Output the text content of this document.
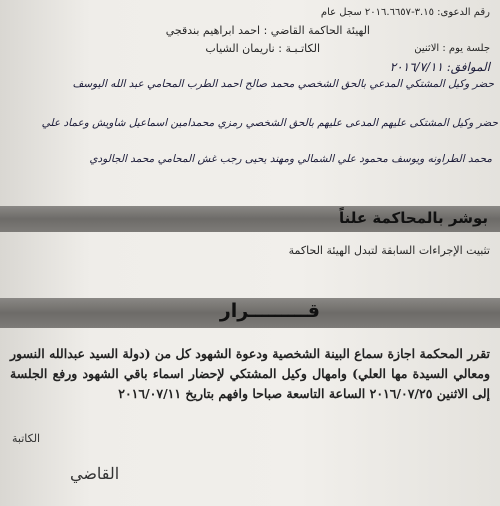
رقم الدعوى: ٣.١٥-٢٠١٦.٦٦٥٧ سجل عام
الهيئة الحاكمة القاضي : احمد ابراهيم بندقجي
جلسة يوم : الاثنين
الكاتـبـة : ناريمان الشياب
الموافق: ٢٠١٦/٧/١١
حضر وكيل المشتكي المدعي بالحق الشخصي محمد صالح احمد الطرب المحامي عبد الله اليوسف
حضر وكيل المشتكى عليهم المدعى عليهم بالحق الشخصي رمزي محمدامين اسماعيل شاويش وعماد علي
محمد الطراونه ويوسف محمود علي الشمالي ومهند يحيى رجب غش المحامي محمد الجالودي
بوشر بالمحاكمة علناً
تثبيت الإجراءات السابقة لتبدل الهيئة الحاكمة
قـــــــــرار
تقرر المحكمة اجازة سماع البينة الشخصية ودعوة الشهود كل من (دولة السيد عبدالله النسور ومعالي السيدة مها العلي) وامهال وكيل المشتكي لإحضار اسماء باقي الشهود ورفع الجلسة إلى الاثنين ٢٠١٦/٠٧/٢٥ الساعة التاسعة صباحا وافهم بتاريخ ٢٠١٦/٠٧/١١
الكاتبة
القاضي
